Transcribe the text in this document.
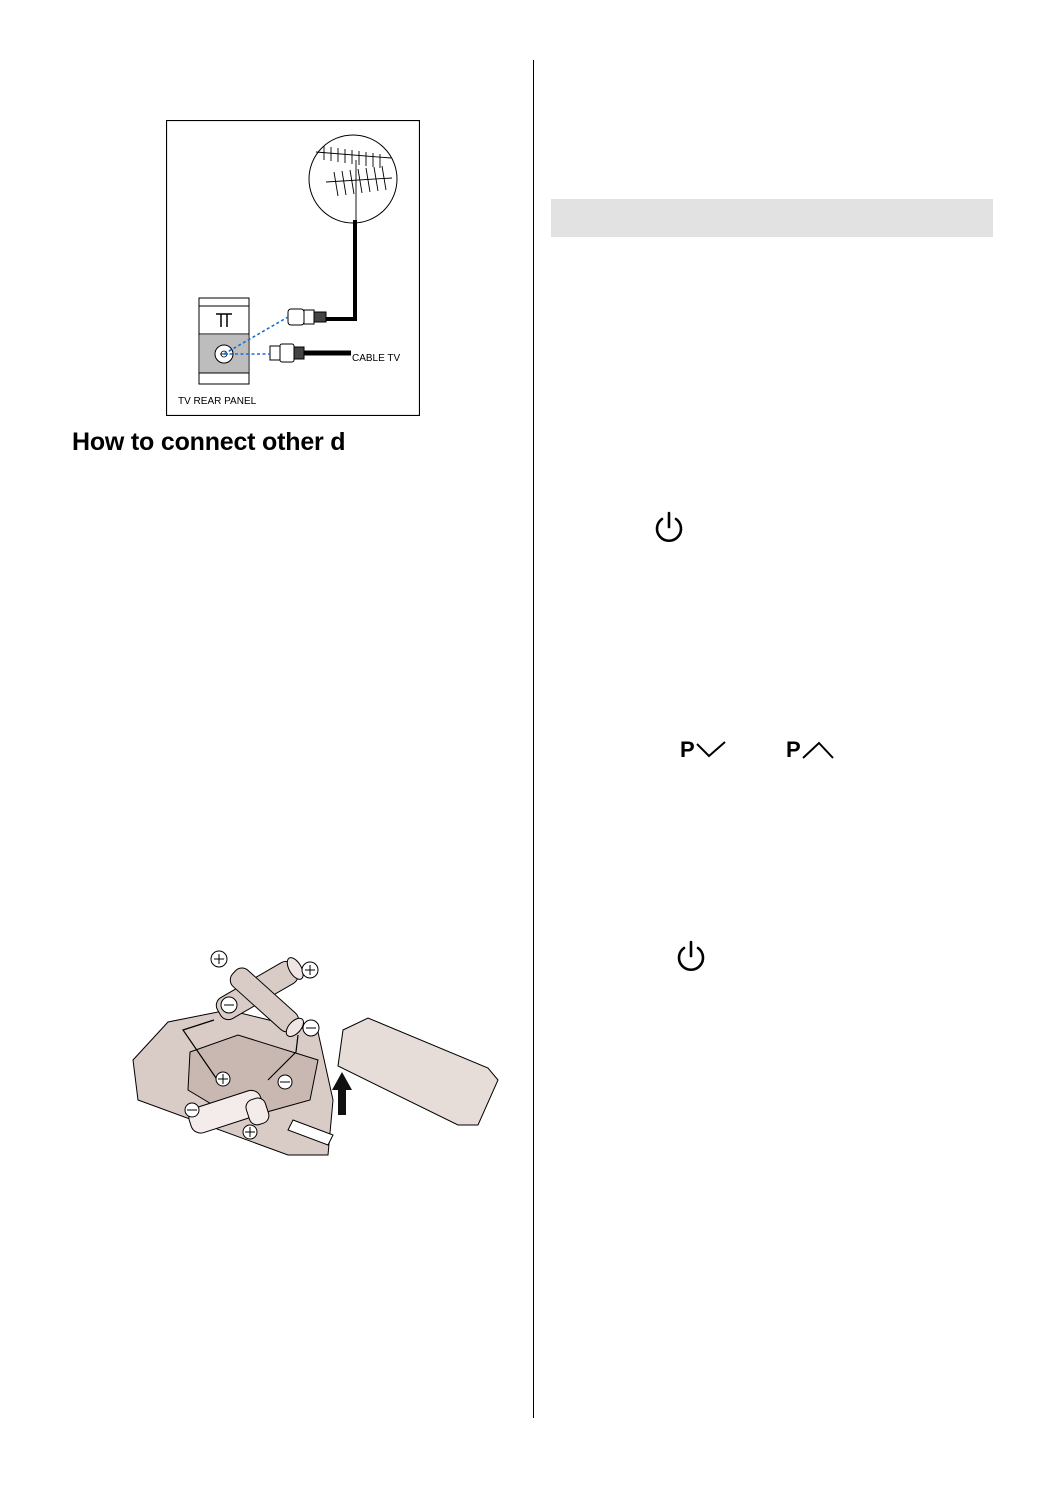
CABLE TV
TV REAR PANEL
How to connect other d
P	P
